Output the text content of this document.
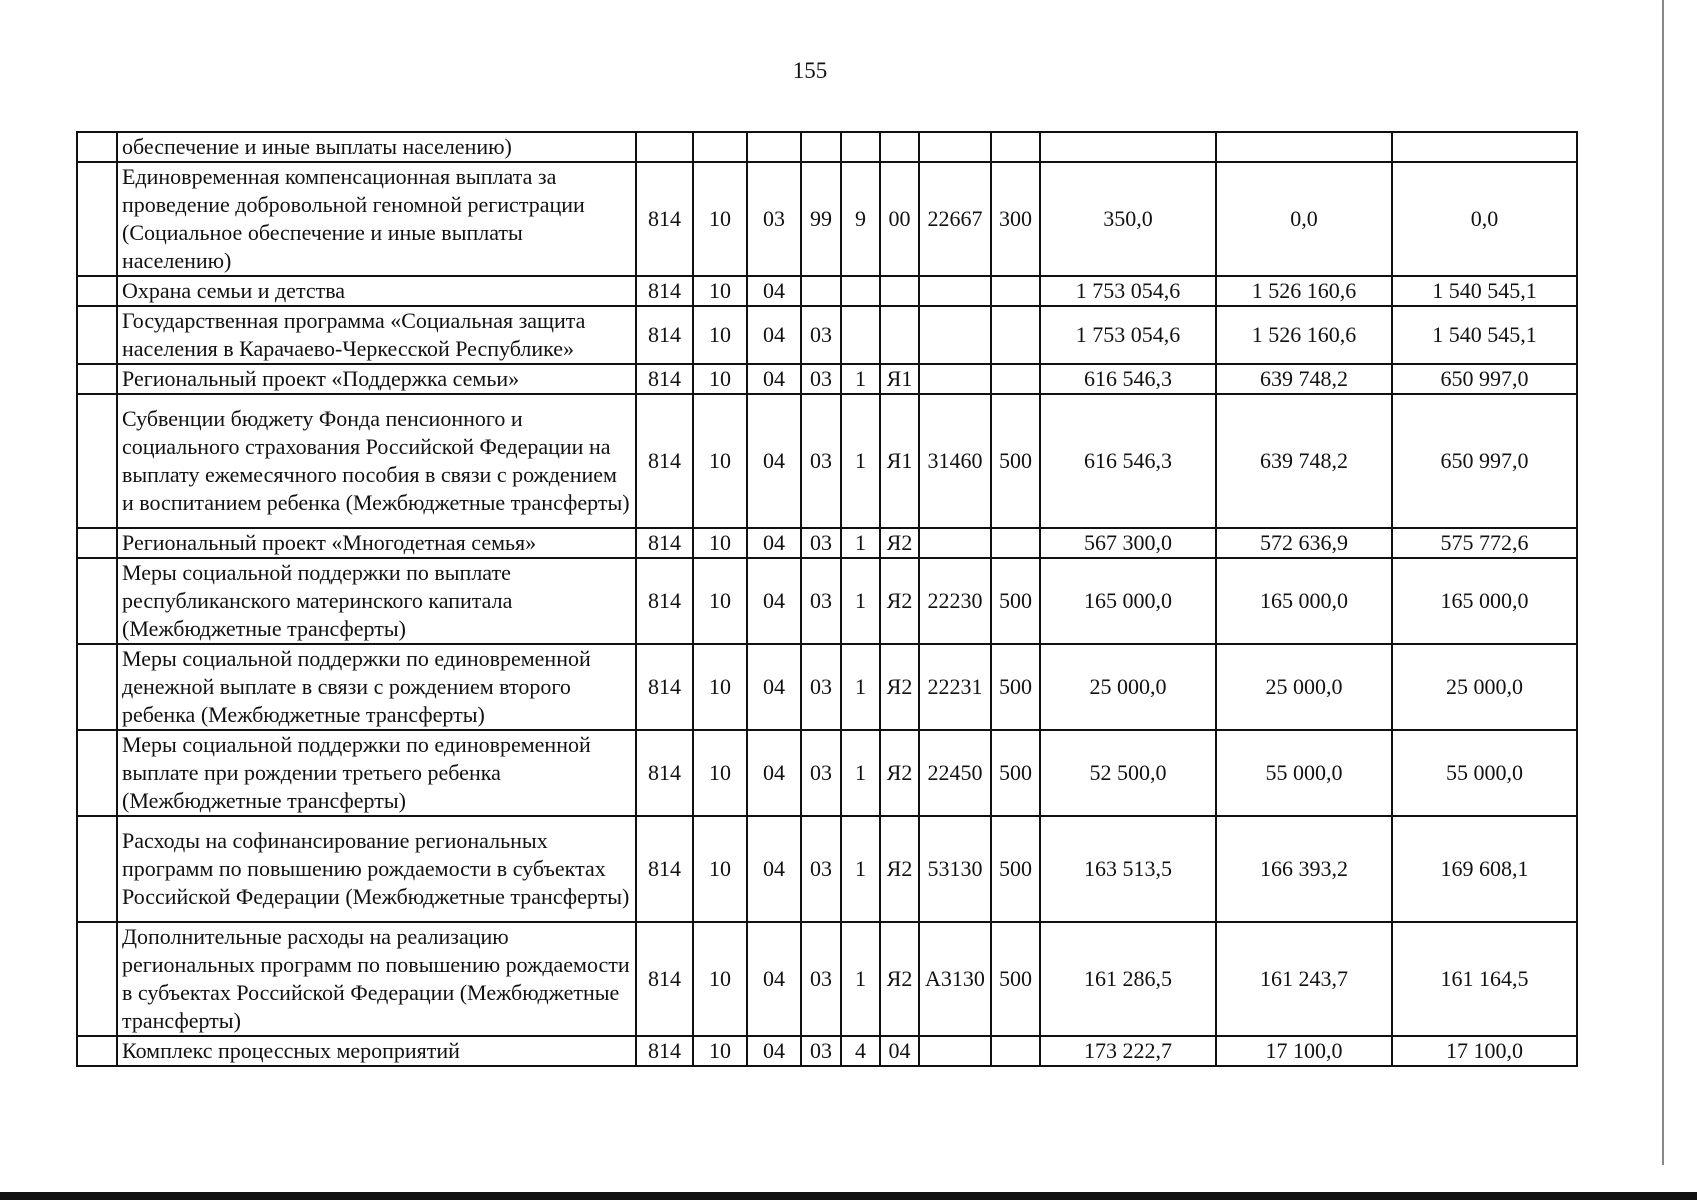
155
	обеспечение и иные выплаты населению)											
	Единовременная компенсационная выплата за проведение добровольной геномной регистрации (Социальное обеспечение и иные выплаты населению)	814	10	03	99	9	00	22667	300	350,0	0,0	0,0
	Охрана семьи и детства	814	10	04						1 753 054,6	1 526 160,6	1 540 545,1
	Государственная программа «Социальная защита населения в Карачаево-Черкесской Республике»	814	10	04	03					1 753 054,6	1 526 160,6	1 540 545,1
	Региональный проект «Поддержка семьи»	814	10	04	03	1	Я1			616 546,3	639 748,2	650 997,0
	Субвенции бюджету Фонда пенсионного и социального страхования Российской Федерации на выплату ежемесячного пособия в связи с рождением и воспитанием ребенка (Межбюджетные трансферты)	814	10	04	03	1	Я1	31460	500	616 546,3	639 748,2	650 997,0
	Региональный проект «Многодетная семья»	814	10	04	03	1	Я2			567 300,0	572 636,9	575 772,6
	Меры социальной поддержки по выплате республиканского материнского капитала (Межбюджетные трансферты)	814	10	04	03	1	Я2	22230	500	165 000,0	165 000,0	165 000,0
	Меры социальной поддержки по единовременной денежной выплате в связи с рождением второго ребенка (Межбюджетные трансферты)	814	10	04	03	1	Я2	22231	500	25 000,0	25 000,0	25 000,0
	Меры социальной поддержки по единовременной выплате при рождении третьего ребенка (Межбюджетные трансферты)	814	10	04	03	1	Я2	22450	500	52 500,0	55 000,0	55 000,0
	Расходы на софинансирование региональных программ по повышению рождаемости в субъектах Российской Федерации (Межбюджетные трансферты)	814	10	04	03	1	Я2	53130	500	163 513,5	166 393,2	169 608,1
	Дополнительные расходы на реализацию региональных программ по повышению рождаемости в субъектах Российской Федерации (Межбюджетные трансферты)	814	10	04	03	1	Я2	А3130	500	161 286,5	161 243,7	161 164,5
	Комплекс процессных мероприятий	814	10	04	03	4	04			173 222,7	17 100,0	17 100,0
